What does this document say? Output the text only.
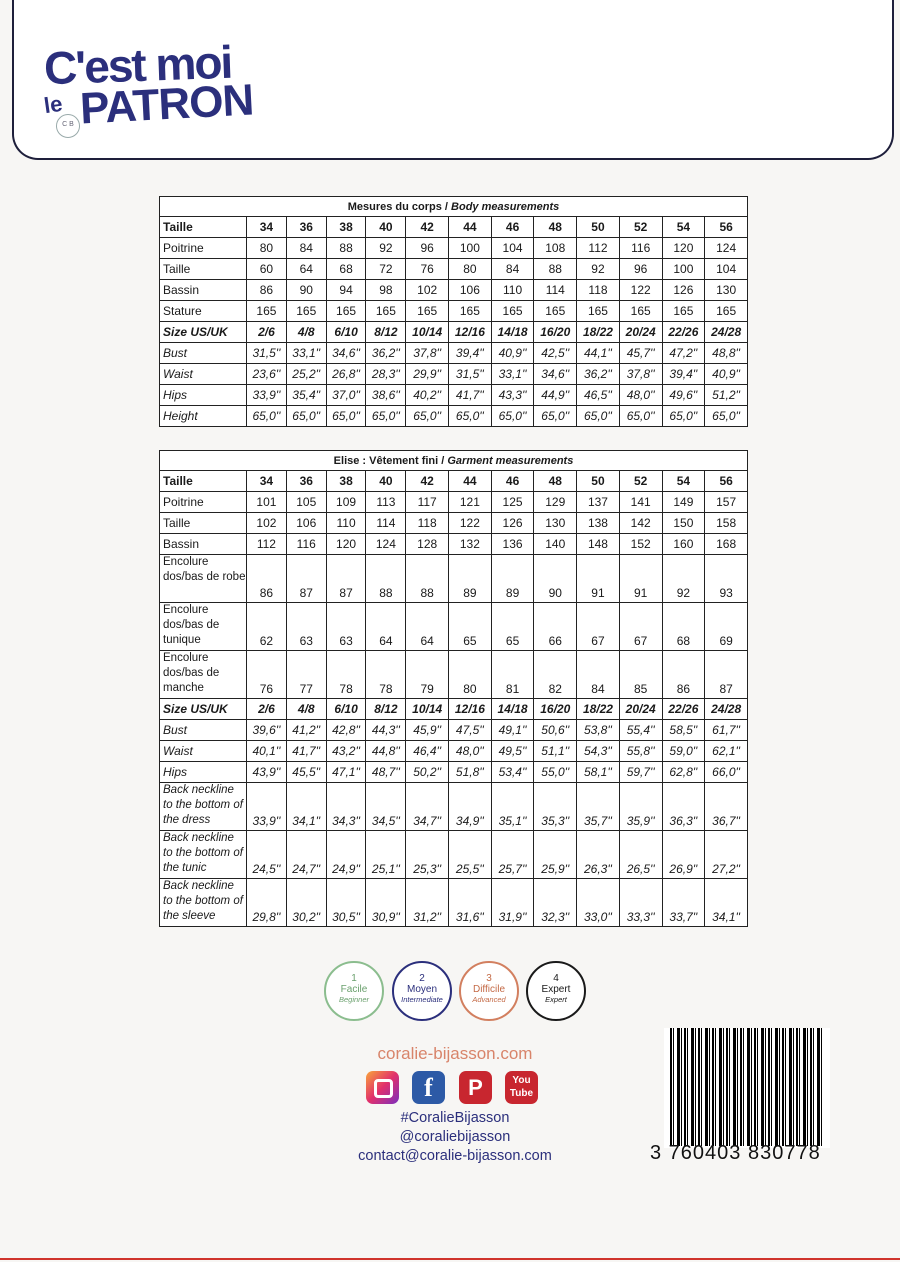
C'est moi
le PATRON
C B
Mesures du corps / Body measurements												
Taille	34	36	38	40	42	44	46	48	50	52	54	56
Poitrine	80	84	88	92	96	100	104	108	112	116	120	124
Taille	60	64	68	72	76	80	84	88	92	96	100	104
Bassin	86	90	94	98	102	106	110	114	118	122	126	130
Stature	165	165	165	165	165	165	165	165	165	165	165	165
Size US/UK	2/6	4/8	6/10	8/12	10/14	12/16	14/18	16/20	18/22	20/24	22/26	24/28
Bust	31,5''	33,1''	34,6''	36,2''	37,8''	39,4''	40,9''	42,5''	44,1''	45,7''	47,2''	48,8''
Waist	23,6''	25,2''	26,8''	28,3''	29,9''	31,5''	33,1''	34,6''	36,2''	37,8''	39,4''	40,9''
Hips	33,9''	35,4''	37,0''	38,6''	40,2''	41,7''	43,3''	44,9''	46,5''	48,0''	49,6''	51,2''
Height	65,0''	65,0''	65,0''	65,0''	65,0''	65,0''	65,0''	65,0''	65,0''	65,0''	65,0''	65,0''
Elise : Vêtement fini / Garment measurements												
Taille	34	36	38	40	42	44	46	48	50	52	54	56
Poitrine	101	105	109	113	117	121	125	129	137	141	149	157
Taille	102	106	110	114	118	122	126	130	138	142	150	158
Bassin	112	116	120	124	128	132	136	140	148	152	160	168
Encolure dos/bas de robe	86	87	87	88	88	89	89	90	91	91	92	93
Encolure dos/bas de tunique	62	63	63	64	64	65	65	66	67	67	68	69
Encolure dos/bas de manche	76	77	78	78	79	80	81	82	84	85	86	87
Size US/UK	2/6	4/8	6/10	8/12	10/14	12/16	14/18	16/20	18/22	20/24	22/26	24/28
Bust	39,6''	41,2''	42,8''	44,3''	45,9''	47,5''	49,1''	50,6''	53,8''	55,4''	58,5''	61,7''
Waist	40,1''	41,7''	43,2''	44,8''	46,4''	48,0''	49,5''	51,1''	54,3''	55,8''	59,0''	62,1''
Hips	43,9''	45,5''	47,1''	48,7''	50,2''	51,8''	53,4''	55,0''	58,1''	59,7''	62,8''	66,0''
Back neckline to the bottom of the dress	33,9''	34,1''	34,3''	34,5''	34,7''	34,9''	35,1''	35,3''	35,7''	35,9''	36,3''	36,7''
Back neckline to the bottom of the tunic	24,5''	24,7''	24,9''	25,1''	25,3''	25,5''	25,7''	25,9''	26,3''	26,5''	26,9''	27,2''
Back neckline to the bottom of the sleeve	29,8''	30,2''	30,5''	30,9''	31,2''	31,6''	31,9''	32,3''	33,0''	33,3''	33,7''	34,1''
1
Facile
Beginner
2
Moyen
Intermediate
3
Difficile
Advanced
4
Expert
Expert
coralie-bijasson.com
f	P	You Tube
#CoralieBijasson
@coraliebijasson
contact@coralie-bijasson.com	3 760403 830778
